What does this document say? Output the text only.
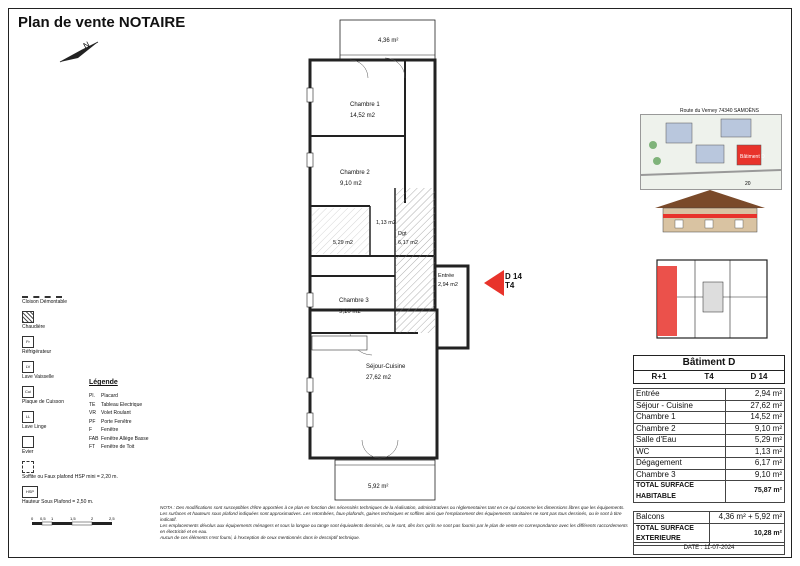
Plan de vente NOTAIRE
N	4,36 m²
5,92 m²
Chambre 1
14,52 m2
Chambre 2
9,10 m2
Chambre 3
9,10 m2
Séjour-Cuisine
27,62 m2
Entrée
2,94 m2
Dgt
6,17 m2
5,29 m2
1,13 m2
D 14
T4
Cloison Démontable
Chaudière
Fr
Réfrigérateur
LV
Lave Vaisselle
Cui
Plaque de Cuisson
LL
Lave Linge
Evier
Soffite ou Faux plafond HSP mini = 2,20 m.
HSP
Hauteur Sous Plafond = 2,50 m.
Légende
Pl. Placard
TE Tableau Electrique
VR Volet Roulant
PF Porte Fenêtre
F Fenêtre
FAB Fenêtre Allège Basse
FT Fenêtre de Toit
0 0,5 1	1,5	2	2,5
NOTA : Des modifications sont susceptibles d'être apportées à ce plan en fonction des nécessités techniques de la réalisation, administratives ou réglementaires tant en ce qui concerne les dimensions libres que les équipements.
Les surfaces et hauteurs sous plafond indiquées sont approximatives. Les retombées, faux-plafonds, gaines techniques et soffites ainsi que l'emplacement des équipements sanitaires ne sont pas tous dessinés, ou le sont à titre indicatif.
Les emplacements dévolus aux équipements ménagers et sous la longue ou tange sont équivalents dessinés, ou le sont, dès lors qu'ils ne sont pas fournis par le plan de vente en correspondance avec les différents raccordements en électricité et en eau.
Aucun de ces éléments n'est fourni, à l'exception de ceux mentionnés dans le descriptif technique.
Route du Verney 74340 SAMOËNS
Bâtiment D
20
Bâtiment D
R+1	T4	D 14
Entrée	2,94 m²
Séjour - Cuisine	27,62 m²
Chambre 1	14,52 m²
Chambre 2	9,10 m²
Salle d'Eau	5,29 m²
WC	1,13 m²
Dégagement	6,17 m²
Chambre 3	9,10 m²
TOTAL SURFACE HABITABLE	75,87 m²
Balcons	4,36 m² + 5,92 m²
TOTAL SURFACE EXTERIEURE	10,28 m²
DATE : 11-07-2024
